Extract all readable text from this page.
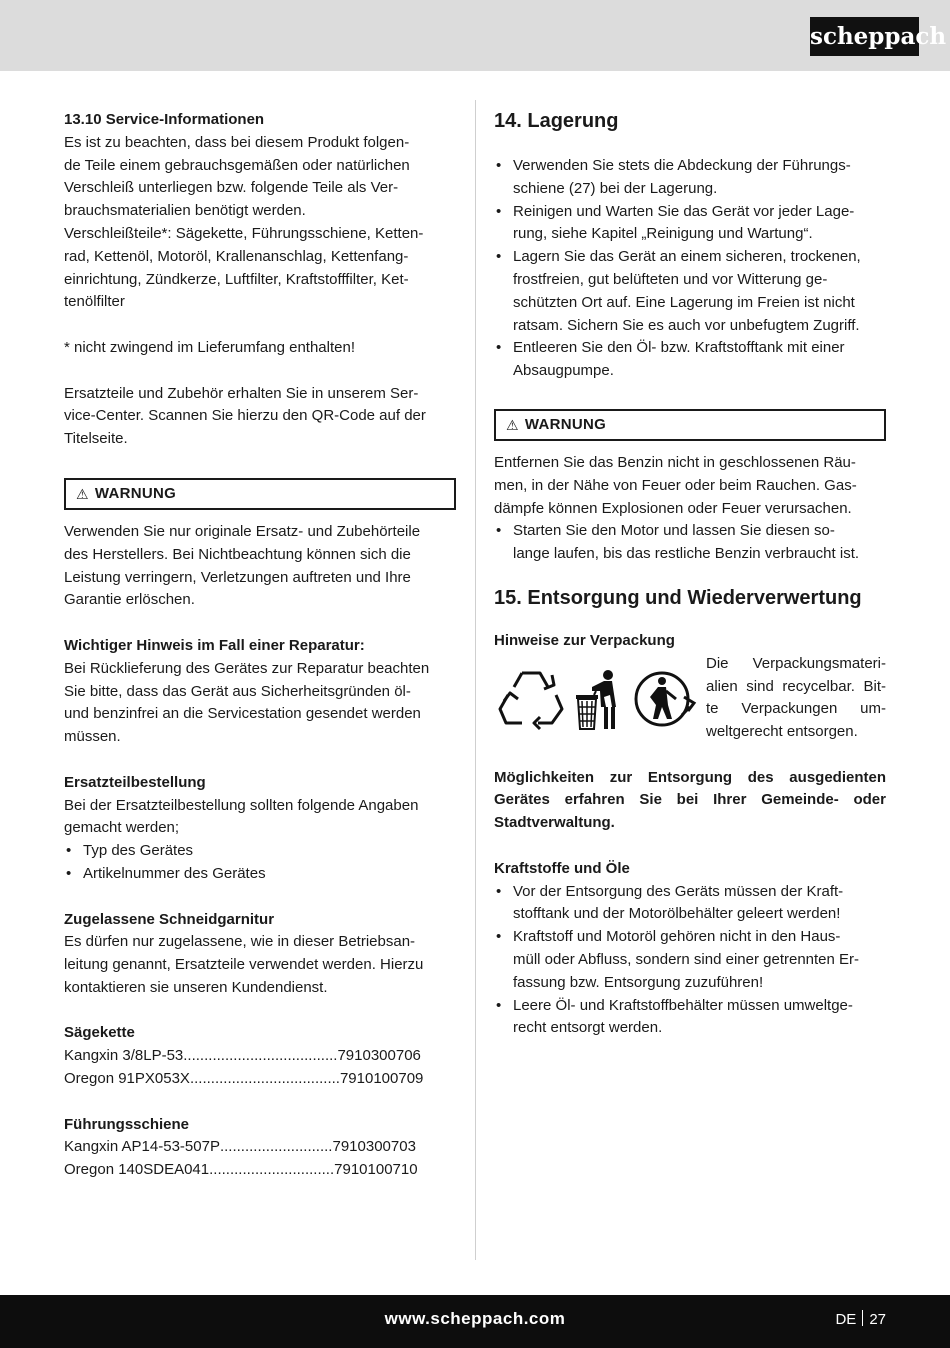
scheppach

13.10 Service-Informationen

Es ist zu beachten, dass bei diesem Produkt folgen-

de Teile einem gebrauchsgemäßen oder natürlichen

Verschleiß unterliegen bzw. folgende Teile als Ver-

brauchsmaterialien benötigt werden.

Verschleißteile*: Sägekette, Führungsschiene, Ketten-

rad, Kettenöl, Motoröl, Krallenanschlag, Kettenfang-

einrichtung, Zündkerze, Luftfilter, Kraftstofffilter, Ket-

tenölfilter

* nicht zwingend im Lieferumfang enthalten!

Ersatzteile und Zubehör erhalten Sie in unserem Ser-

vice-Center. Scannen Sie hierzu den QR-Code auf der

Titelseite.

⚠ WARNUNG

Verwenden Sie nur originale Ersatz- und Zubehörteile

des Herstellers. Bei Nichtbeachtung können sich die

Leistung verringern, Verletzungen auftreten und Ihre

Garantie erlöschen.

Wichtiger Hinweis im Fall einer Reparatur:

Bei Rücklieferung des Gerätes zur Reparatur beachten

Sie bitte, dass das Gerät aus Sicherheitsgründen öl-

und benzinfrei an die Servicestation gesendet werden

müssen.

Ersatzteilbestellung

Bei der Ersatzteilbestellung sollten folgende Angaben

gemacht werden;

• Typ des Gerätes
• Artikelnummer des Gerätes

Zugelassene Schneidgarnitur

Es dürfen nur zugelassene, wie in dieser Betriebsan-

leitung genannt, Ersatzteile verwendet werden. Hierzu

kontaktieren sie unseren Kundendienst.

Sägekette

Kangxin 3/8LP-53 ..................................... 7910300706
Oregon 91PX053X .................................... 7910100709

Führungsschiene

Kangxin AP14-53-507P ........................... 7910300703
Oregon 140SDEA041 .............................. 7910100710
14. Lagerung
• Verwenden Sie stets die Abdeckung der Führungs-
schiene (27) bei der Lagerung.
• Reinigen und Warten Sie das Gerät vor jeder Lage-
rung, siehe Kapitel „Reinigung und Wartung“.
• Lagern Sie das Gerät an einem sicheren, trockenen,
frostfreien, gut belüfteten und vor Witterung ge-
schützten Ort auf. Eine Lagerung im Freien ist nicht
ratsam. Sichern Sie es auch vor unbefugtem Zugriff.
• Entleeren Sie den Öl- bzw. Kraftstofftank mit einer
Absaugpumpe.
⚠ WARNUNG

Entfernen Sie das Benzin nicht in geschlossenen Räu-

men, in der Nähe von Feuer oder beim Rauchen. Gas-

dämpfe können Explosionen oder Feuer verursachen.

• Starten Sie den Motor und lassen Sie diesen so-
lange laufen, bis das restliche Benzin verbraucht ist.
15. Entsorgung und Wiederverwertung

Hinweise zur Verpackung

Die Verpackungsmateri-

alien sind recycelbar. Bit-

te Verpackungen um-

weltgerecht entsorgen.

Möglichkeiten zur Entsorgung des ausgedienten

Gerätes erfahren Sie bei Ihrer Gemeinde- oder

Stadtverwaltung.

Kraftstoffe und Öle

• Vor der Entsorgung des Geräts müssen der Kraft-
stofftank und der Motorölbehälter geleert werden!
• Kraftstoff und Motoröl gehören nicht in den Haus-
müll oder Abfluss, sondern sind einer getrennten Er-
fassung bzw. Entsorgung zuzuführen!
• Leere Öl- und Kraftstoffbehälter müssen umweltge-
recht entsorgt werden.
www.scheppach.com	DE 27
